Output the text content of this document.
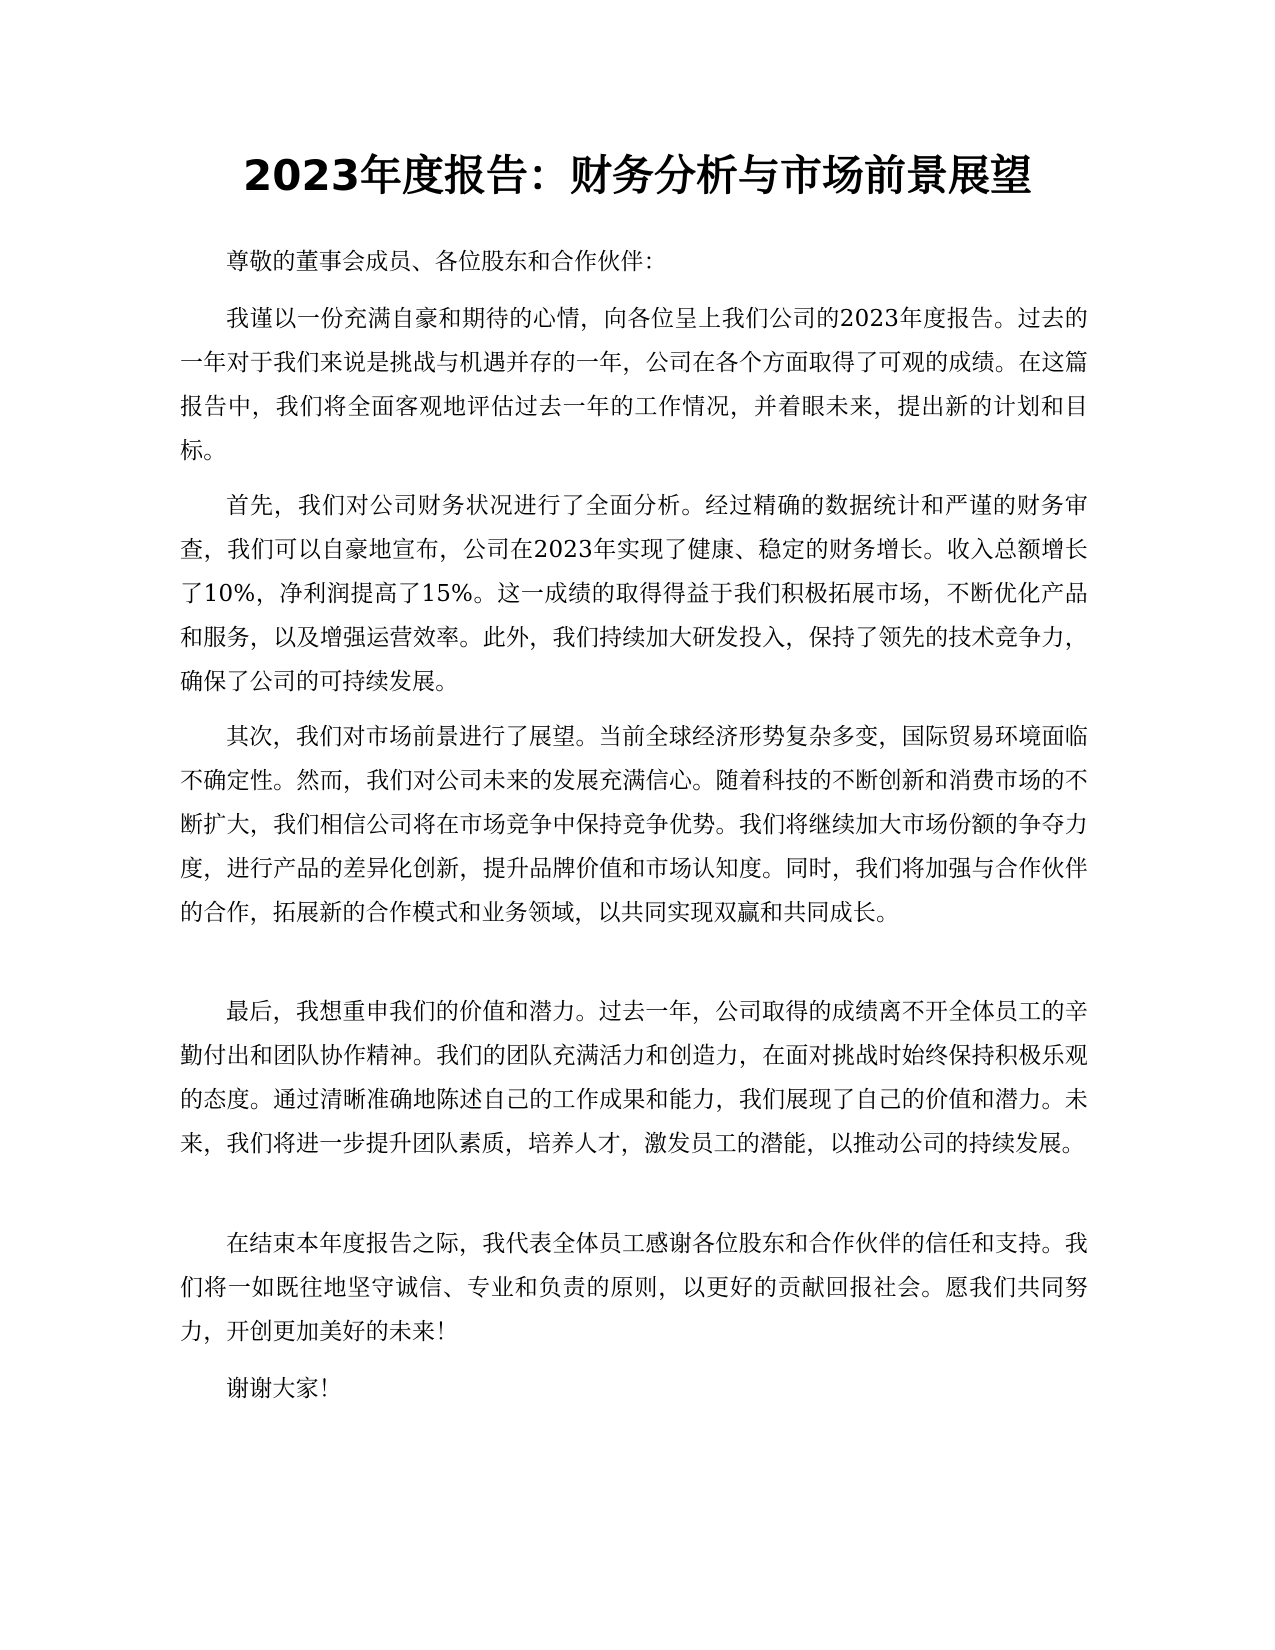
2023年度报告：财务分析与市场前景展望

尊敬的董事会成员、各位股东和合作伙伴：

我谨以一份充满自豪和期待的心情，向各位呈上我们公司的2023年度报告。过去的一年对于我们来说是挑战与机遇并存的一年，公司在各个方面取得了可观的成绩。在这篇报告中，我们将全面客观地评估过去一年的工作情况，并着眼未来，提出新的计划和目标。

首先，我们对公司财务状况进行了全面分析。经过精确的数据统计和严谨的财务审查，我们可以自豪地宣布，公司在2023年实现了健康、稳定的财务增长。收入总额增长了10%，净利润提高了15%。这一成绩的取得得益于我们积极拓展市场，不断优化产品和服务，以及增强运营效率。此外，我们持续加大研发投入，保持了领先的技术竞争力，确保了公司的可持续发展。

其次，我们对市场前景进行了展望。当前全球经济形势复杂多变，国际贸易环境面临不确定性。然而，我们对公司未来的发展充满信心。随着科技的不断创新和消费市场的不断扩大，我们相信公司将在市场竞争中保持竞争优势。我们将继续加大市场份额的争夺力度，进行产品的差异化创新，提升品牌价值和市场认知度。同时，我们将加强与合作伙伴的合作，拓展新的合作模式和业务领域，以共同实现双赢和共同成长。

最后，我想重申我们的价值和潜力。过去一年，公司取得的成绩离不开全体员工的辛勤付出和团队协作精神。我们的团队充满活力和创造力，在面对挑战时始终保持积极乐观的态度。通过清晰准确地陈述自己的工作成果和能力，我们展现了自己的价值和潜力。未来，我们将进一步提升团队素质，培养人才，激发员工的潜能，以推动公司的持续发展。

在结束本年度报告之际，我代表全体员工感谢各位股东和合作伙伴的信任和支持。我们将一如既往地坚守诚信、专业和负责的原则，以更好的贡献回报社会。愿我们共同努力，开创更加美好的未来！

谢谢大家！
